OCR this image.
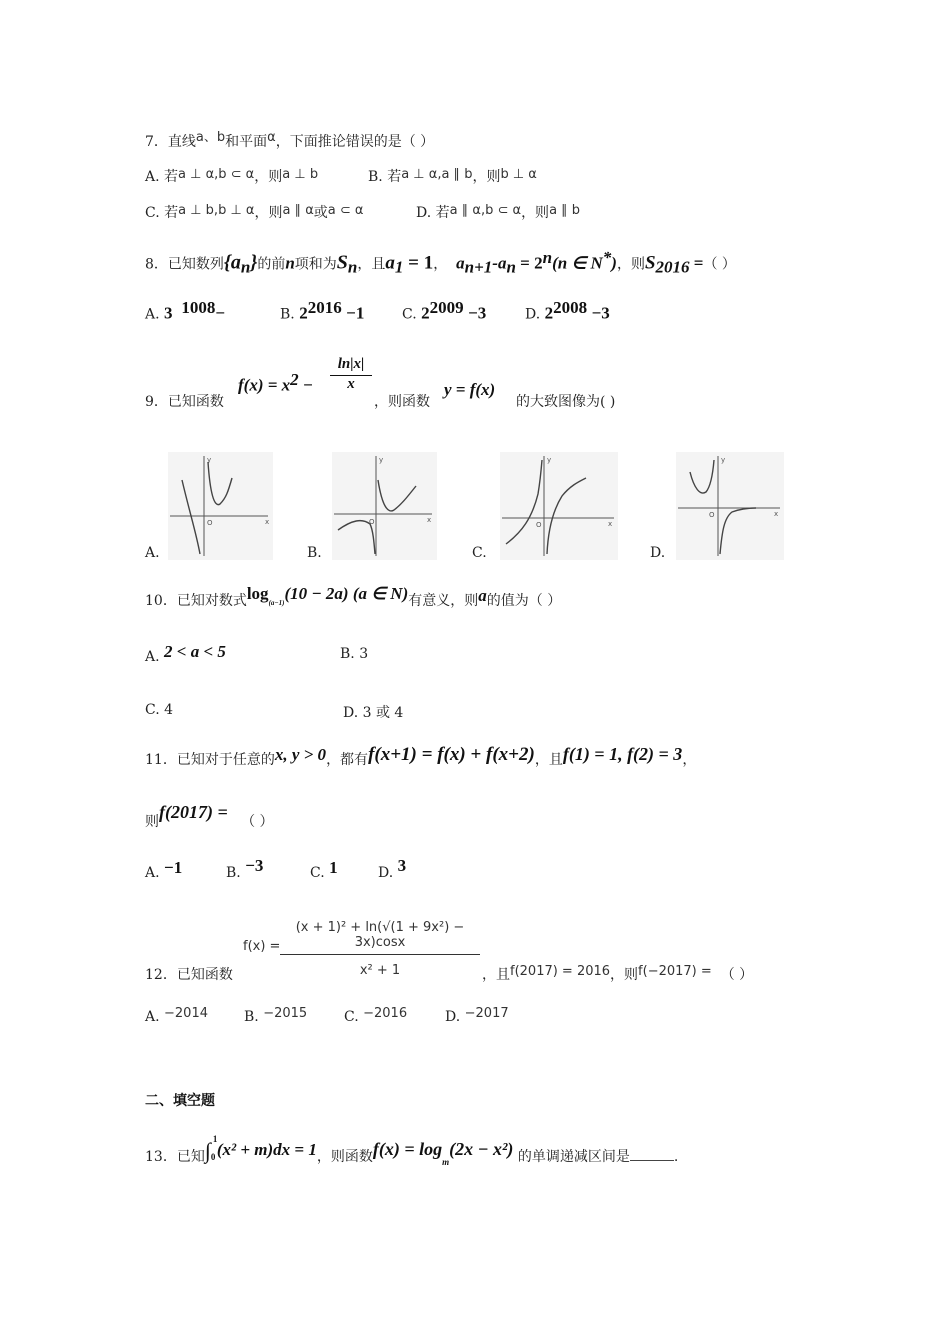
7．直线a、b和平面α，下面推论错误的是（ ）
A. 若a ⊥ α,b ⊂ α，则a ⊥ b	B. 若a ⊥ α,a ∥ b，则b ⊥ α
C. 若a ⊥ b,b ⊥ α，则a ∥ α或a ⊂ α	D. 若a ∥ α,b ⊂ α，则a ∥ b
8．已知数列$\{a_n\}$的前n项和为$S_n$，且$a_1 = 1$， $a_{n+1}-a_n = 2^n(n$ ∈ N*)，则$S_{2016}$ =（ ）
A. 3 $^{1008}$−	B. $2^{2016} -1$	C. $2^{2009} -3$	D. $2^{2008} -3$
9．已知函数
$f(x) = x^2 - \frac{\ln|x|}{x}$
，则函数
y = f(x)
的大致图像为( )
y
x
O
y
x
O
y
x
O
y
x
O
A.	B.	C.	D.
10．已知对数式$\log_{(a-1)}(10 - 2a)$ (a ∈ N)有意义，则a的值为（ ）
A. 2 < a < 5	B. 3
C. 4	D. 3 或 4
11．已知对于任意的x, y > 0，都有f(x+1) = f(x) + f(x+2)，且f(1) = 1, f(2) = 3，
则f(2017) = （ ）
A. −1	B. −3	C. 1	D. 3
$f(x) = \frac{\text{(x + 1)² + ln(√(1 + 9x²) − 3x)cosx}}{\text{x² + 1}}$
12．已知函数	，且f(2017) = 2016，则f(−2017) = （ ）
A. −2014	B. −2015	C. −2016	D. −2017
二、填空题
13．已知∫ 1
0 (x² + m)dx = 1，则函数$f(x) = \log_m(2x - x^2)$ 的单调递减区间是	.
